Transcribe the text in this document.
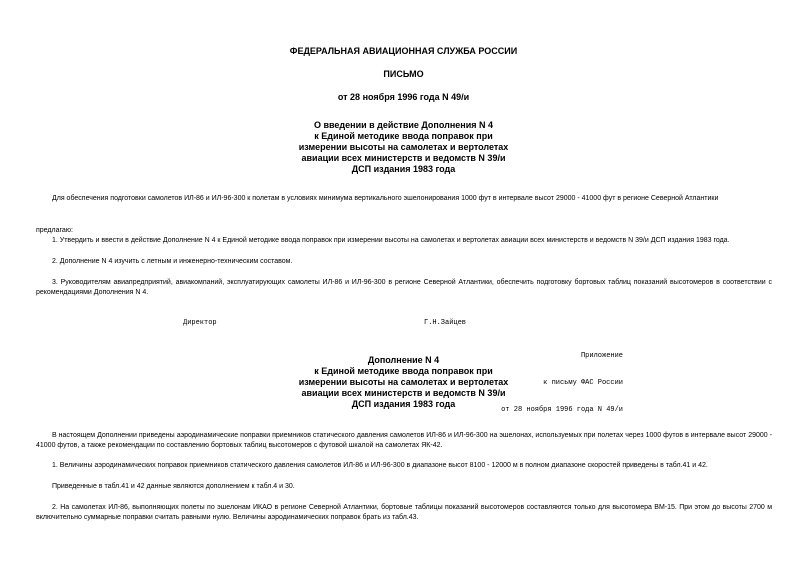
ФЕДЕРАЛЬНАЯ АВИАЦИОННАЯ СЛУЖБА РОССИИ
ПИСЬМО
от 28 ноября 1996 года N 49/и
О введении в действие Дополнения N 4
к Единой методике ввода поправок при
измерении высоты на самолетах и вертолетах
авиации всех министерств и ведомств N 39/и
ДСП издания 1983 года
Для обеспечения подготовки самолетов ИЛ-86 и ИЛ-96-300 к полетам в условиях минимума вертикального эшелонирования 1000 фут в интервале высот 29000 - 41000 фут в регионе Северной Атлантики
предлагаю:
1. Утвердить и ввести в действие Дополнение N 4 к Единой методике ввода поправок при измерении высоты на самолетах и вертолетах авиации всех министерств и ведомств N 39/и ДСП издания 1983 года.
2. Дополнение N 4 изучить с летным и инженерно-техническим составом.
3. Руководителям авиапредприятий, авиакомпаний, эксплуатирующих самолеты ИЛ-86 и ИЛ-96-300 в регионе Северной Атлантики, обеспечить подготовку бортовых таблиц показаний высотомеров в соответствии с рекомендациями Дополнения N 4.
Директор	Г.Н.Зайцев

Приложение

к письму ФАС России

от 28 ноября 1996 года N 49/и

Дополнение N 4
к Единой методике ввода поправок при
измерении высоты на самолетах и вертолетах
авиации всех министерств и ведомств N 39/и
ДСП издания 1983 года
В настоящем Дополнении приведены аэродинамические поправки приемников статического давления самолетов ИЛ-86 и ИЛ-96-300 на эшелонах, используемых при полетах через 1000 футов в интервале высот 29000 - 41000 футов, а также рекомендации по составлению бортовых таблиц высотомеров с футовой шкалой на самолетах ЯК-42.
1. Величины аэродинамических поправок приемников статического давления самолетов ИЛ-86 и ИЛ-96-300 в диапазоне высот 8100 - 12000 м в полном диапазоне скоростей приведены в табл.41 и 42.
Приведенные в табл.41 и 42 данные являются дополнением к табл.4 и 30.
2. На самолетах ИЛ-86, выполняющих полеты по эшелонам ИКАО в регионе Северной Атлантики, бортовые таблицы показаний высотомеров составляются только для высотомера ВМ-15. При этом до высоты 2700 м включительно суммарные поправки считать равными нулю. Величины аэродинамических поправок брать из табл.43.
